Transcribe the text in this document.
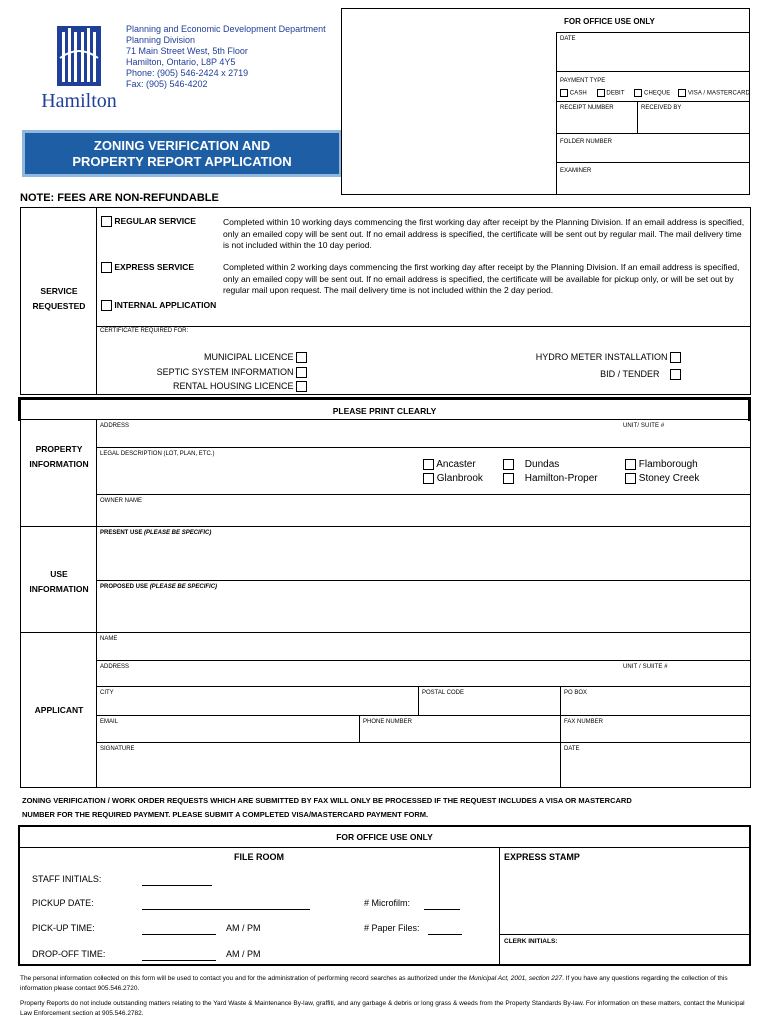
Hamilton
Planning and Economic Development Department
Planning Division
71 Main Street West, 5th Floor
Hamilton, Ontario, L8P 4Y5
Phone: (905) 546-2424 x 2719
Fax: (905) 546-4202
ZONING VERIFICATION AND
PROPERTY REPORT APPLICATION
FOR OFFICE USE ONLY
DATE
PAYMENT TYPE
CASH	DEBIT	CHEQUE	VISA / MASTERCARD
RECEIPT NUMBER	RECEIVED BY
FOLDER NUMBER
EXAMINER
NOTE: FEES ARE NON-REFUNDABLE
SERVICE
REQUESTED
REGULAR SERVICE	Completed within 10 working days commencing the first working day after receipt by the Planning Division. If an email address is specified, only an emailed copy will be sent out. If no email address is specified, the certificate will be sent out by regular mail. The mail delivery time is not included within the 10 day period.
EXPRESS SERVICE	Completed within 2 working days commencing the first working day after receipt by the Planning Division. If an email address is specified, only an emailed copy will be sent out. If no email address is specified, the certificate will be available for pickup only, or will be set out by regular mail upon request. The mail delivery time is not included within the 2 day period.
INTERNAL APPLICATION
CERTIFICATE REQUIRED FOR:
MUNICIPAL LICENCE
SEPTIC SYSTEM INFORMATION
RENTAL HOUSING LICENCE
HYDRO METER INSTALLATION
BID / TENDER
PLEASE PRINT CLEARLY
PROPERTY
INFORMATION
ADDRESS	UNIT/ SUITE #
LEGAL DESCRIPTION (LOT, PLAN, ETC.)
Ancaster
Glanbrook
Dundas
Hamilton-Proper
Flamborough
Stoney Creek
OWNER NAME
USE
INFORMATION
PRESENT USE (PLEASE BE SPECIFIC)
PROPOSED USE (PLEASE BE SPECIFIC)
APPLICANT
NAME
ADDRESS	UNIT / SUIITE #
CITY	POSTAL CODE	PO BOX
EMAIL	PHONE NUMBER	FAX NUMBER
SIGNATURE	DATE
ZONING VERIFICATION / WORK ORDER REQUESTS WHICH ARE SUBMITTED BY FAX WILL ONLY BE PROCESSED IF THE REQUEST INCLUDES A VISA OR MASTERCARD
NUMBER FOR THE REQUIRED PAYMENT. PLEASE SUBMIT A COMPLETED VISA/MASTERCARD PAYMENT FORM.
FOR OFFICE USE ONLY
FILE ROOM	EXPRESS STAMP
STAFF INITIALS:
PICKUP DATE:	# Microfilm:
PICK-UP TIME:	AM / PM	# Paper Files:
DROP-OFF TIME:	AM / PM
CLERK INITIALS:
The personal information collected on this form will be used to contact you and for the administration of performing record searches as authorized under the Municipal Act, 2001, section 227. If you have any questions regarding the collection of this information please contact 905.546.2720.
Property Reports do not include outstanding matters relating to the Yard Waste & Maintenance By-law, graffiti, and any garbage & debris or long grass & weeds from the Property Standards By-law. For information on these matters, contact the Municipal Law Enforcement section at 905.546.2782.
